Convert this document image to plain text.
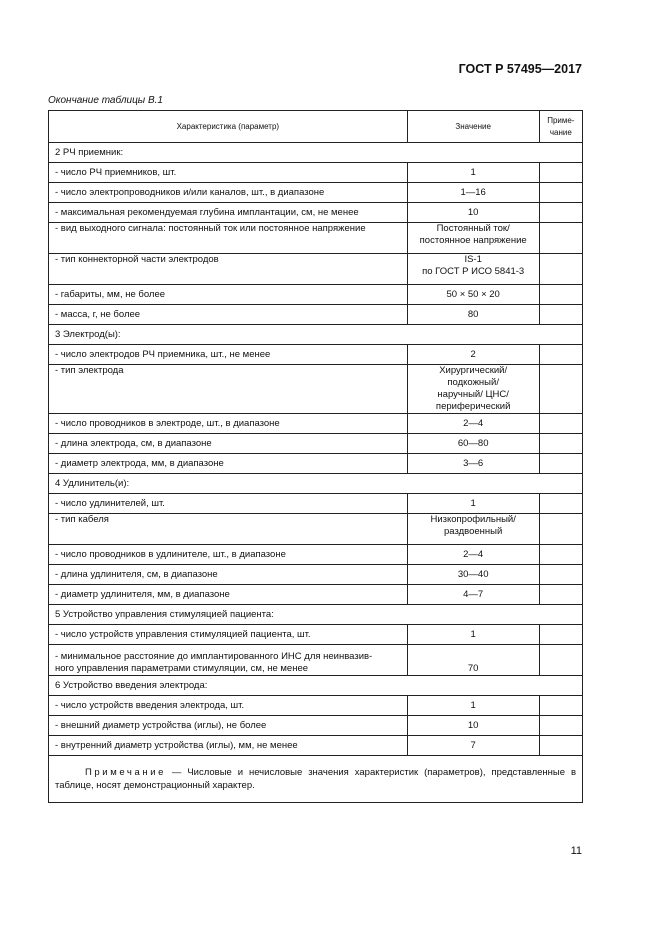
ГОСТ Р 57495—2017
Окончание таблицы В.1
Характеристика (параметр)	Значение	Приме-
чание
2 РЧ приемник:		
- число РЧ приемников, шт.	1	
- число электропроводников и/или каналов, шт., в диапазоне	1—16	
- максимальная рекомендуемая глубина имплантации, см, не менее	10	
- вид выходного сигнала: постоянный ток или постоянное напряжение	Постоянный ток/
постоянное напряжение	
- тип коннекторной части электродов	IS-1
по ГОСТ Р ИСО 5841-3	
- габариты, мм, не более	50 × 50 × 20	
- масса, г, не более	80	
3 Электрод(ы):		
- число электродов РЧ приемника, шт., не менее	2	
- тип электрода	Хирургический/ подкожный/
наручный/ ЦНС/
периферический	
- число проводников в электроде, шт., в диапазоне	2—4	
- длина электрода, см, в диапазоне	60—80	
- диаметр электрода, мм, в диапазоне	3—6	
4 Удлинитель(и):		
- число удлинителей, шт.	1	
- тип кабеля	Низкопрофильный/
раздвоенный	
- число проводников в удлинителе, шт., в диапазоне	2—4	
- длина удлинителя, см, в диапазоне	30—40	
- диаметр удлинителя, мм, в диапазоне	4—7	
5 Устройство управления стимуляцией пациента:		
- число устройств управления стимуляцией пациента, шт.	1	
- минимальное расстояние до имплантированного ИНС для неинвазив-
ного управления параметрами стимуляции, см, не менее	70	
6 Устройство введения электрода:		
- число устройств введения электрода, шт.	1	
- внешний диаметр устройства (иглы), не более	10	
- внутренний диаметр устройства (иглы), мм, не менее	7	
Примечание — Числовые и нечисловые значения характеристик (параметров), представленные в таблице, носят демонстрационный характер.		
11
